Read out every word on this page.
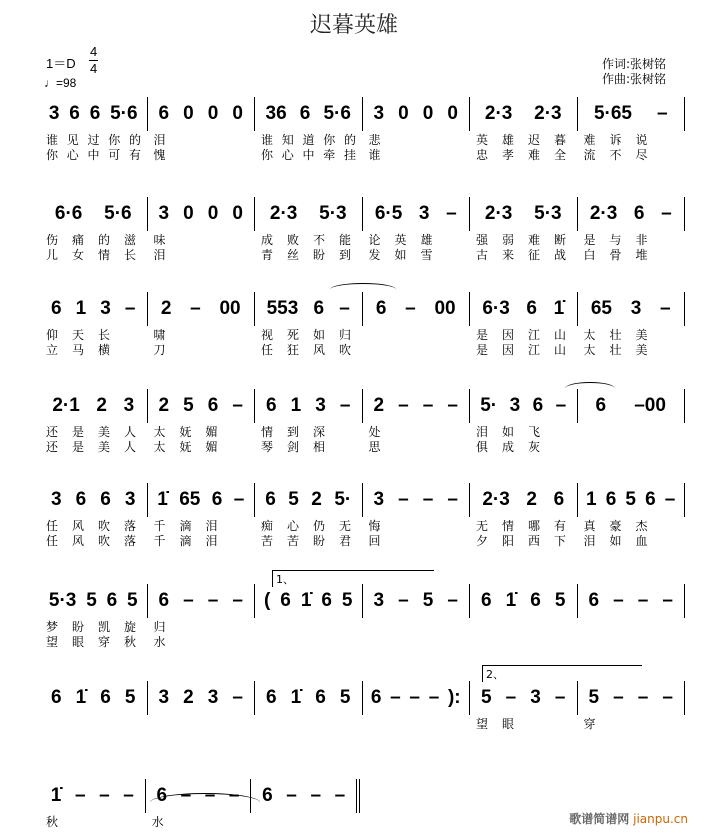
迟暮英雄
1＝D
4
4
♩=98
作词:张树铭
作曲:张树铭
1、
2、
歌谱简谱网 jianpu.cn
3 6 6 5·6
谁见过你的
你心中可有
6 0 0 0
泪
愧
36 6 5·6
谁知道你的
你心中牵挂
3 0 0 0
悲
谁
2·3 2·3
英雄迟暮
忠孝难全
5·65 –
难诉说
流不尽
6·6 5·6
伤痛的滋
儿女情长
3 0 0 0
味
泪
2·3 5·3
成败不能
青丝盼到
6·5 3 –
论英雄
发如雪
2·3 5·3
强弱难断
古来征战
2·3 6 –
是与非
白骨堆
6 1 3 –
仰天长
立马横
2 – 00
啸
刀
553 6 –
视死如归
任狂风吹
6 – 00 6·3 6 1̇
是因江山
是因江山
65 3 –
太壮美
太壮美
2·1 2 3
还是美人
还是美人
2 5 6 –
太妩媚
太妩媚
6 1 3 –
情到深
琴剑相
2 – – –
处
思
5· 3 6 –
泪如飞
俱成灰
6 –00
3 6 6 3
任风吹落
任风吹落
1̇ 65 6 –
千滴泪
千滴泪
6 5 2 5·
痴心仍无
苦苦盼君
3 – – –
悔
回
2·3 2 6
无情哪有
夕阳西下
1 6 5 6 –
真豪杰
泪如血
5·3 5 6 5
梦盼凯旋
望眼穿秋
6 – – –
归
水
( 6 1̇ 6 5 3 – 5 – 6 1̇ 6 5 6 – – –
6 1̇ 6 5 3 2 3 – 6 1̇ 6 5 6 – – – ): 5 – 3 –
望眼
5 – – –
穿
1̇ – – –
秋
6 – – –
水
6 – – –
